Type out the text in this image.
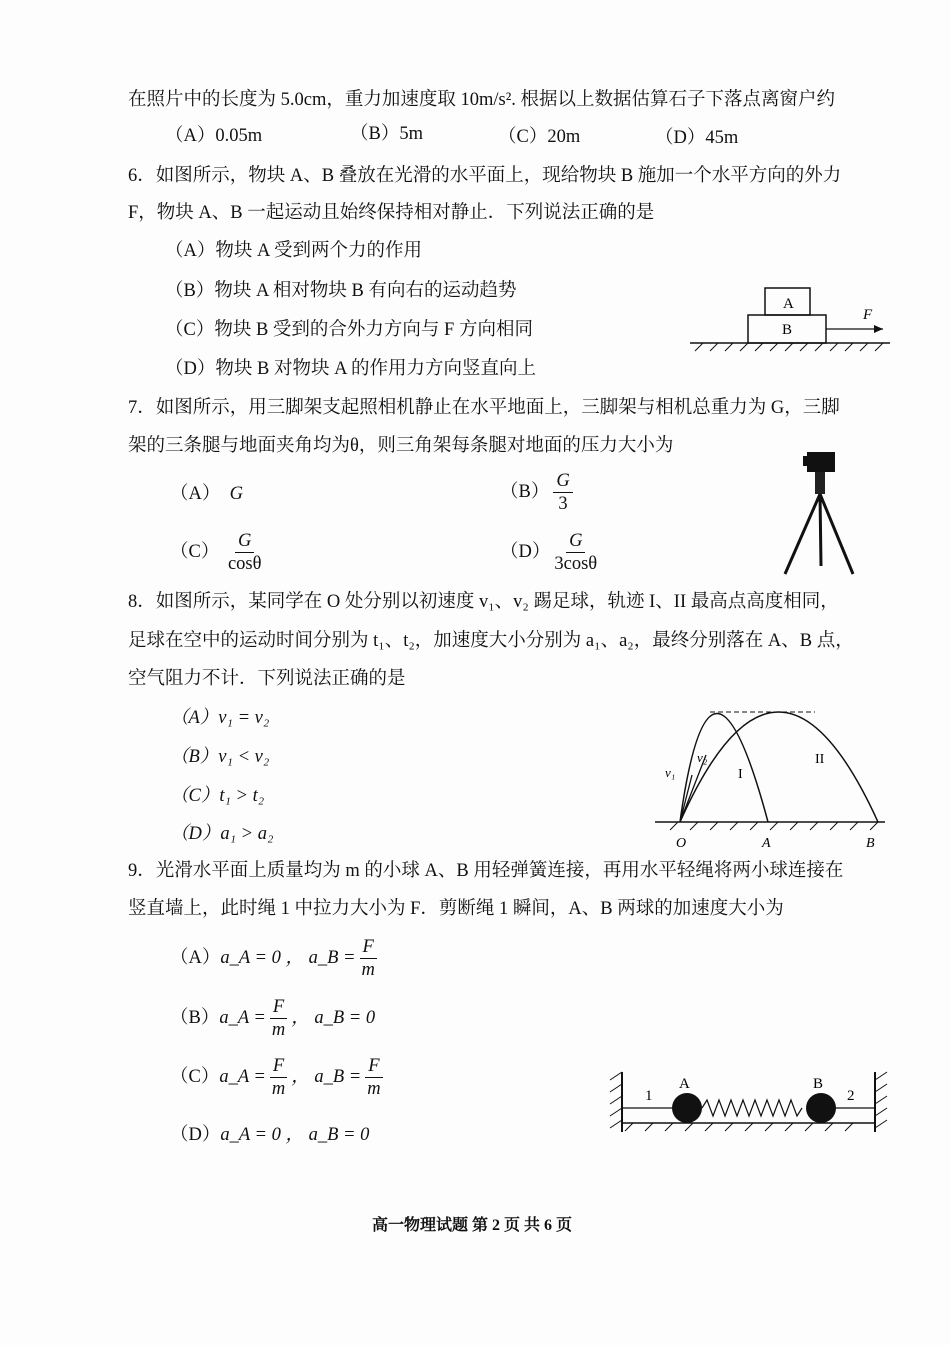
在照片中的长度为 5.0cm，重力加速度取 10m/s². 根据以上数据估算石子下落点离窗户约
（A）0.05m	（B）5m	（C）20m	（D）45m
6．如图所示，物块 A、B 叠放在光滑的水平面上，现给物块 B 施加一个水平方向的外力
F，物块 A、B 一起运动且始终保持相对静止．下列说法正确的是
（A）物块 A 受到两个力的作用
（B）物块 A 相对物块 B 有向右的运动趋势
（C）物块 B 受到的合外力方向与 F 方向相同
（D）物块 B 对物块 A 的作用力方向竖直向上
A
B
F
7．如图所示，用三脚架支起照相机静止在水平地面上，三脚架与相机总重力为 G，三脚
架的三条腿与地面夹角均为θ，则三角架每条腿对地面的压力大小为
（A） G	$(B) \frac{G}{3}$
$(C) \frac{G}{\cos\theta}$	$(D) \frac{G}{3\cos\theta}$
8．如图所示，某同学在 O 处分别以初速度 v₁、v₂ 踢足球，轨迹 I、II 最高点高度相同，
足球在空中的运动时间分别为 t₁、t₂，加速度大小分别为 a₁、a₂，最终分别落在 A、B 点，
空气阻力不计．下列说法正确的是
（A）v₁ = v₂
（B）v₁ < v₂
（C）t₁ > t₂
（D）a₁ > a₂
v₁
v₂
I
II
O	A	B
9．光滑水平面上质量均为 m 的小球 A、B 用轻弹簧连接，再用水平轻绳将两小球连接在
竖直墙上，此时绳 1 中拉力大小为 F．剪断绳 1 瞬间，A、B 两球的加速度大小为
（A）a_A = 0 ， a_B = $\frac{F}{m}$
（B）a_A = $\frac{F}{m}$ ， a_B = 0
（C）a_A = $\frac{F}{m}$ ， a_B = $\frac{F}{m}$
（D）a_A = 0 ， a_B = 0
1	2
A	B
高一物理试题 第 2 页 共 6 页
